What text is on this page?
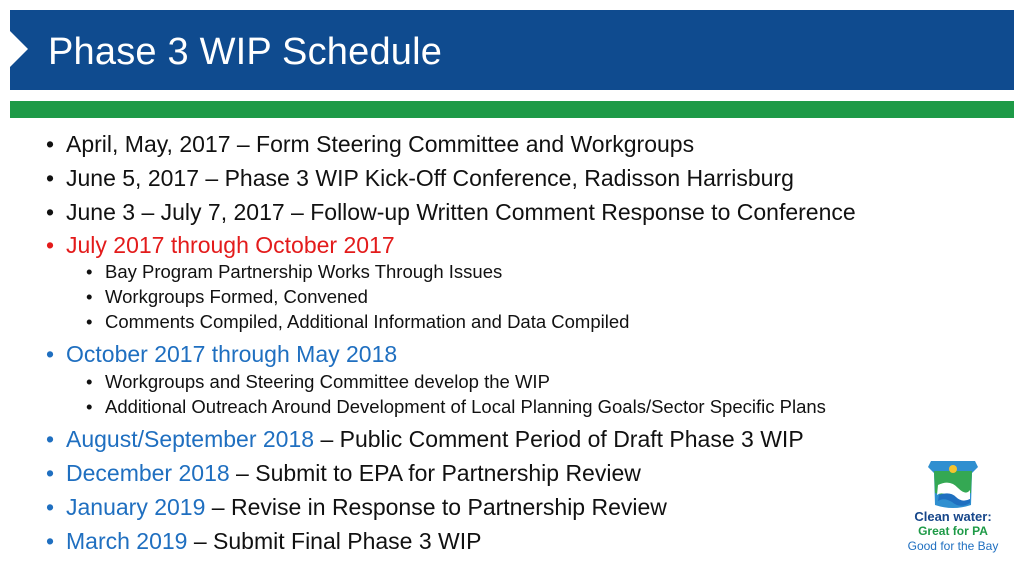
Phase 3 WIP Schedule

• April, May, 2017 – Form Steering Committee and Workgroups

• June 5, 2017 – Phase 3 WIP Kick-Off Conference, Radisson Harrisburg

• June 3 – July 7, 2017 – Follow-up Written Comment Response to Conference

• July 2017 through October 2017

• Bay Program Partnership Works Through Issues

• Workgroups Formed, Convened

• Comments Compiled, Additional Information and Data Compiled

• October 2017 through May 2018

• Workgroups and Steering Committee develop the WIP

• Additional Outreach Around Development of Local Planning Goals/Sector Specific Plans

• August/September 2018 – Public Comment Period of Draft Phase 3 WIP

• December 2018 – Submit to EPA for Partnership Review

• January 2019 – Revise in Response to Partnership Review

• March 2019 – Submit Final Phase 3 WIP

Clean water:
Great for PA
Good for the Bay
